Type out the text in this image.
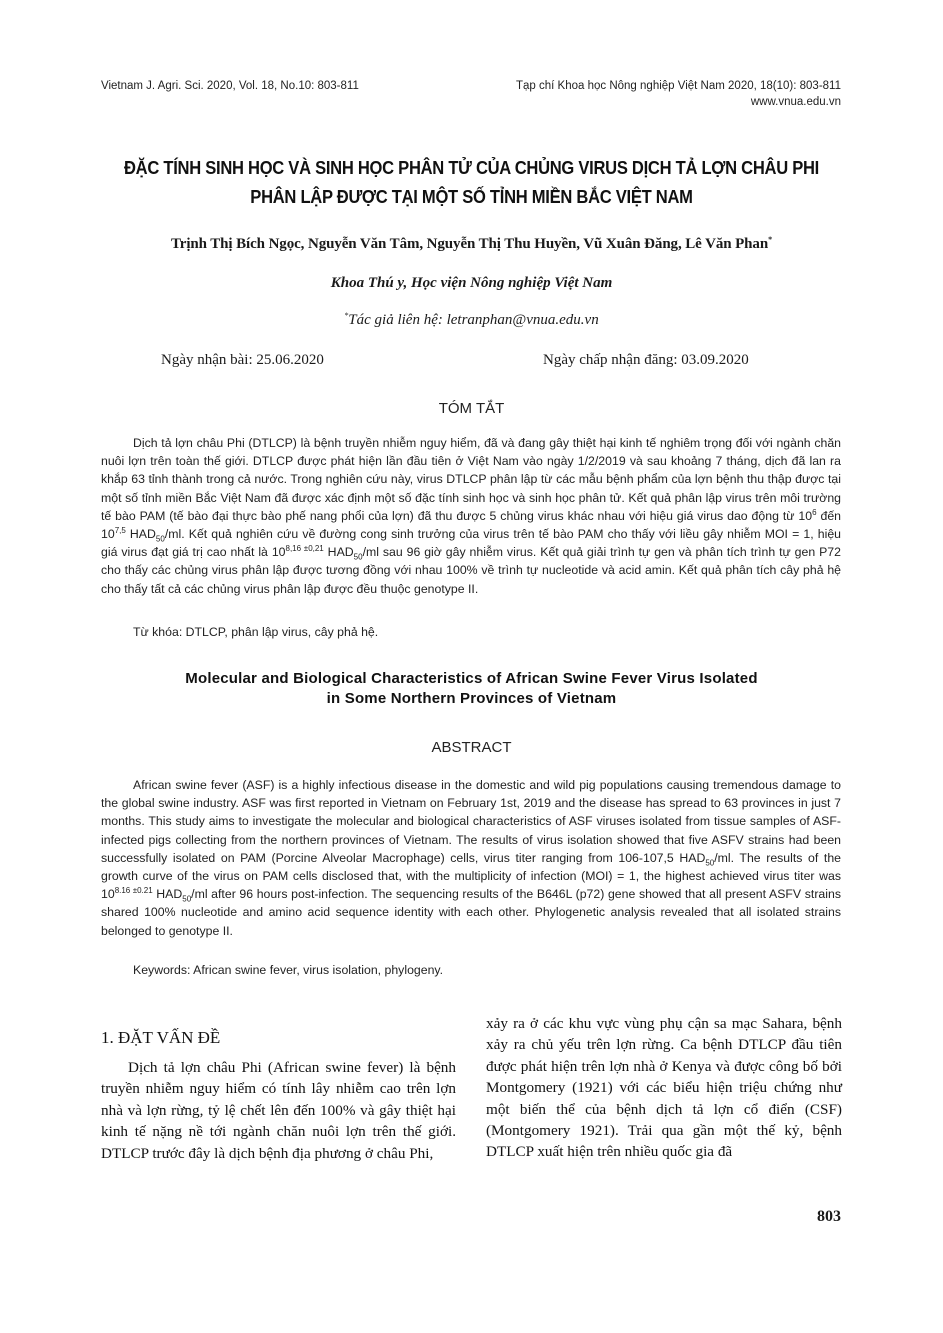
Vietnam J. Agri. Sci. 2020, Vol. 18, No.10: 803-811	Tạp chí Khoa học Nông nghiệp Việt Nam 2020, 18(10): 803-811
www.vnua.edu.vn
ĐẶC TÍNH SINH HỌC VÀ SINH HỌC PHÂN TỬ CỦA CHỦNG VIRUS DỊCH TẢ LỢN CHÂU PHI
PHÂN LẬP ĐƯỢC TẠI MỘT SỐ TỈNH MIỀN BẮC VIỆT NAM
Trịnh Thị Bích Ngọc, Nguyễn Văn Tâm, Nguyễn Thị Thu Huyền, Vũ Xuân Đăng, Lê Văn Phan*
Khoa Thú y, Học viện Nông nghiệp Việt Nam
*Tác giả liên hệ: letranphan@vnua.edu.vn
Ngày nhận bài: 25.06.2020	Ngày chấp nhận đăng: 03.09.2020
TÓM TẮT
Dịch tả lợn châu Phi (DTLCP) là bệnh truyền nhiễm nguy hiểm, đã và đang gây thiệt hại kinh tế nghiêm trọng đối với ngành chăn nuôi lợn trên toàn thế giới. DTLCP được phát hiện lần đầu tiên ở Việt Nam vào ngày 1/2/2019 và sau khoảng 7 tháng, dịch đã lan ra khắp 63 tỉnh thành trong cả nước. Trong nghiên cứu này, virus DTLCP phân lập từ các mẫu bệnh phẩm của lợn bệnh thu thập được tại một số tỉnh miền Bắc Việt Nam đã được xác định một số đặc tính sinh học và sinh học phân tử. Kết quả phân lập virus trên môi trường tế bào PAM (tế bào đại thực bào phế nang phổi của lợn) đã thu được 5 chủng virus khác nhau với hiệu giá virus dao động từ $10^6$ đến 10$^{7,5}$ $HAD_{50}/ml$. Kết quả nghiên cứu về đường cong sinh trưởng của virus trên tế bào PAM cho thấy với liều gây nhiễm MOI = 1, hiệu giá virus đạt giá trị cao nhất là $10^{8,16 \pm 0,21}$ $HAD_{50}/ml$ sau 96 giờ gây nhiễm virus. Kết quả giải trình tự gen và phân tích trình tự gen P72 cho thấy các chủng virus phân lập được tương đồng với nhau 100% về trình tự nucleotide và acid amin. Kết quả phân tích cây phả hệ cho thấy tất cả các chủng virus phân lập được đều thuộc genotype II.
Từ khóa: DTLCP, phân lập virus, cây phả hệ.
Molecular and Biological Characteristics of African Swine Fever Virus Isolated
in Some Northern Provinces of Vietnam
ABSTRACT
African swine fever (ASF) is a highly infectious disease in the domestic and wild pig populations causing tremendous damage to the global swine industry. ASF was first reported in Vietnam on February 1st, 2019 and the disease has spread to 63 provinces in just 7 months. This study aims to investigate the molecular and biological characteristics of ASF viruses isolated from tissue samples of ASF-infected pigs collecting from the northern provinces of Vietnam. The results of virus isolation showed that five ASFV strains had been successfully isolated on PAM (Porcine Alveolar Macrophage) cells, virus titer ranging from 106-107,5 $HAD_{50}/ml$. The results of the growth curve of the virus on PAM cells disclosed that, with the multiplicity of infection (MOI) = 1, the highest achieved virus titer was $10^{8.16 \pm 0.21}$ $HAD_{50}/ml$ after 96 hours post-infection. The sequencing results of the B646L (p72) gene showed that all present ASFV strains shared 100% nucleotide and amino acid sequence identity with each other. Phylogenetic analysis revealed that all isolated strains belonged to genotype II.
Keywords: African swine fever, virus isolation, phylogeny.
1. ĐẶT VẤN ĐỀ
Dịch tả lợn châu Phi (African swine fever) là bệnh truyền nhiễm nguy hiểm có tính lây nhiễm cao trên lợn nhà và lợn rừng, tỷ lệ chết lên đến 100% và gây thiệt hại kinh tế nặng nề tới ngành chăn nuôi lợn trên thế giới. DTLCP trước đây là dịch bệnh địa phương ở châu Phi,
xảy ra ở các khu vực vùng phụ cận sa mạc Sahara, bệnh xảy ra chủ yếu trên lợn rừng. Ca bệnh DTLCP đầu tiên được phát hiện trên lợn nhà ở Kenya và được công bố bởi Montgomery (1921) với các biểu hiện triệu chứng như một biến thể của bệnh dịch tả lợn cổ điển (CSF) (Montgomery 1921). Trải qua gần một thế kỷ, bệnh DTLCP xuất hiện trên nhiều quốc gia đã
803
